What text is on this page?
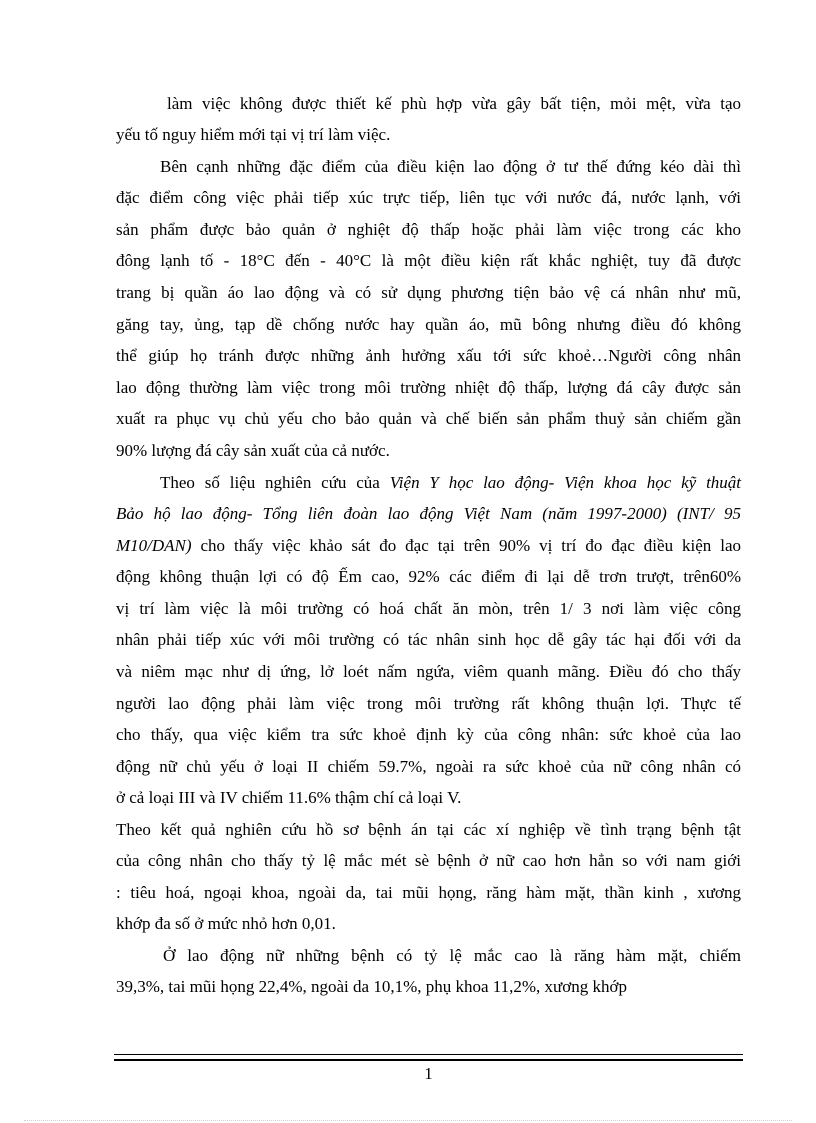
làm việc không được thiết kế phù hợp vừa gây bất tiện, mỏi mệt, vừa tạo
yếu tố nguy hiểm mới tại vị trí làm việc.
Bên cạnh những đặc điểm của điều kiện lao động ở tư thế đứng kéo dài thì
đặc điểm công việc phải tiếp xúc trực tiếp, liên tục với nước đá, nước lạnh, với
sản phẩm được bảo quản ở nghiệt độ thấp hoặc phải làm việc trong các kho
đông lạnh tố - 18°C đến - 40°C là một điều kiện rất khắc nghiệt, tuy đã được
trang bị quần áo lao động và có sử dụng phương tiện bảo vệ cá nhân như mũ,
găng tay, ủng, tạp dề chống nước hay quần áo, mũ bông nhưng điều đó không
thể giúp họ tránh được những ảnh hưởng xấu tới sức khoẻ…Người công nhân
lao động thường làm việc trong môi trường nhiệt độ thấp, lượng đá cây được sản
xuất ra phục vụ chủ yếu cho bảo quản và chế biến sản phẩm thuỷ sản chiếm gần
90% lượng đá cây sản xuất của cả nước.
Theo số liệu nghiên cứu của Viện Y học lao động- Viện khoa học kỹ thuật
Bảo hộ lao động- Tổng liên đoàn lao động Việt Nam (năm 1997-2000) (INT/ 95
M10/DAN) cho thấy việc khảo sát đo đạc tại trên 90% vị trí đo đạc điều kiện lao
động không thuận lợi có độ Ếm cao, 92% các điểm đi lại dễ trơn trượt, trên60%
vị trí làm việc là môi trường có hoá chất ăn mòn, trên 1/ 3 nơi làm việc công
nhân phải tiếp xúc với môi trường có tác nhân sinh học dễ gây tác hại đối với da
và niêm mạc như dị ứng, lở loét nấm ngứa, viêm quanh mãng. Điều đó cho thấy
người lao động phải làm việc trong môi trường rất không thuận lợi. Thực tế
cho thấy, qua việc kiểm tra sức khoẻ định kỳ của công nhân: sức khoẻ của lao
động nữ chủ yếu ở loại II chiếm 59.7%, ngoài ra sức khoẻ của nữ công nhân có
ở cả loại III và IV chiếm 11.6% thậm chí cả loại V.
Theo kết quả nghiên cứu hồ sơ bệnh án tại các xí nghiệp về tình trạng bệnh tật
của công nhân cho thấy tỷ lệ mắc mét sè bệnh ở nữ cao hơn hẳn so với nam giới
: tiêu hoá, ngoại khoa, ngoài da, tai mũi họng, răng hàm mặt, thần kinh , xương
khớp đa số ở mức nhỏ hơn 0,01.
Ở lao động nữ những bệnh có tỷ lệ mắc cao là răng hàm mặt, chiếm
39,3%, tai mũi họng 22,4%, ngoài da 10,1%, phụ khoa 11,2%, xương khớp
1
